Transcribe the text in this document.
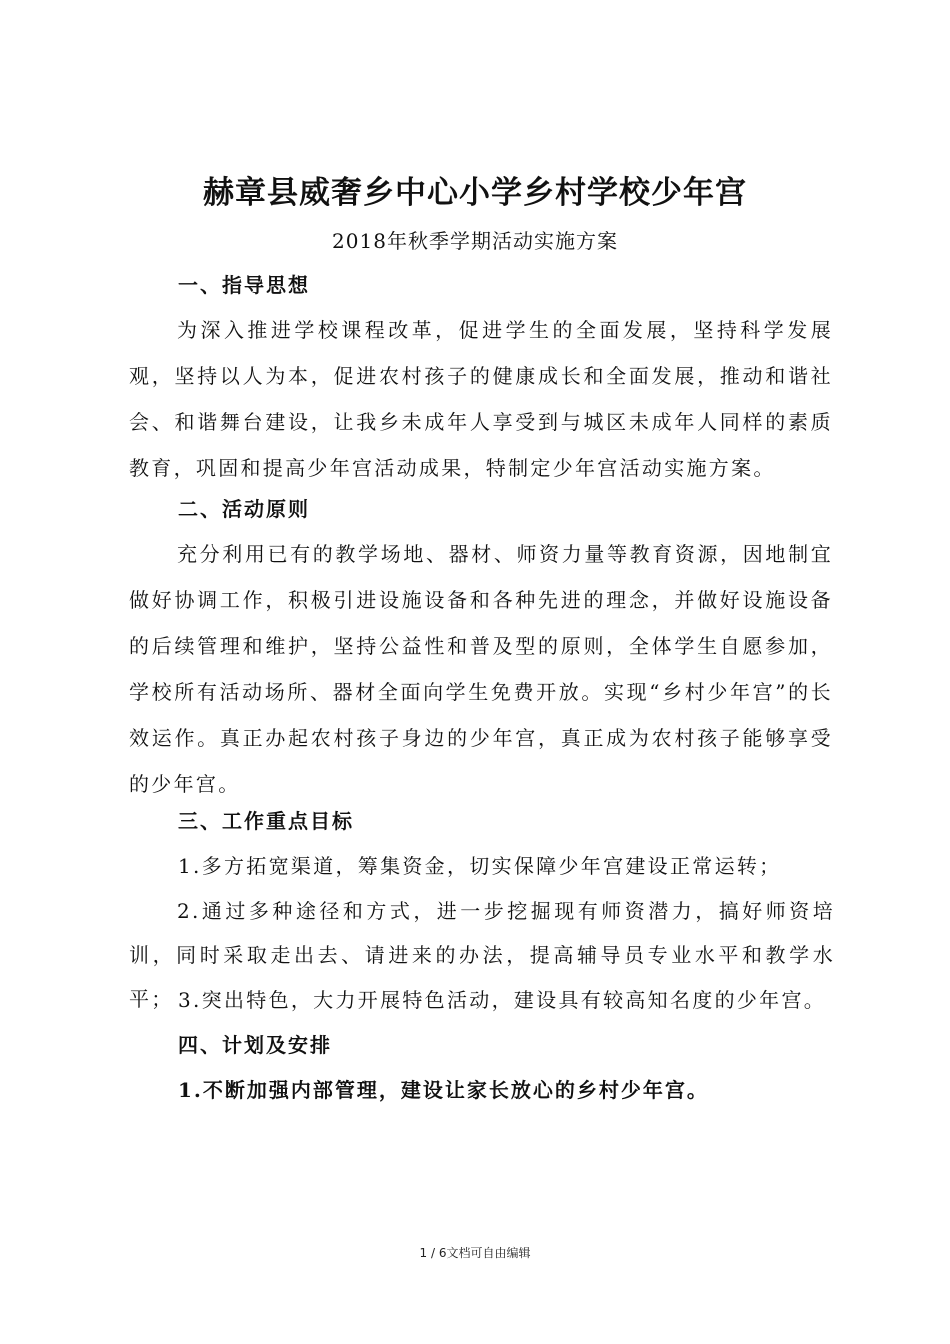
赫章县威奢乡中心小学乡村学校少年宫
2018年秋季学期活动实施方案
一、指导思想

为深入推进学校课程改革，促进学生的全面发展，坚持科学发展观，坚持以人为本，促进农村孩子的健康成长和全面发展，推动和谐社会、和谐舞台建设，让我乡未成年人享受到与城区未成年人同样的素质教育，巩固和提高少年宫活动成果，特制定少年宫活动实施方案。

二、活动原则

充分利用已有的教学场地、器材、师资力量等教育资源，因地制宜做好协调工作，积极引进设施设备和各种先进的理念，并做好设施设备的后续管理和维护，坚持公益性和普及型的原则，全体学生自愿参加，学校所有活动场所、器材全面向学生免费开放。实现“乡村少年宫”的长效运作。真正办起农村孩子身边的少年宫，真正成为农村孩子能够享受的少年宫。

三、工作重点目标
1.多方拓宽渠道，筹集资金，切实保障少年宫建设正常运转；

2.通过多种途径和方式，进一步挖掘现有师资潜力，搞好师资培训，同时采取走出去、请进来的办法，提高辅导员专业水平和教学水平； 3.突出特色，大力开展特色活动，建设具有较高知名度的少年宫。
四、计划及安排
1.不断加强内部管理，建设让家长放心的乡村少年宫。
1 / 6文档可自由编辑
